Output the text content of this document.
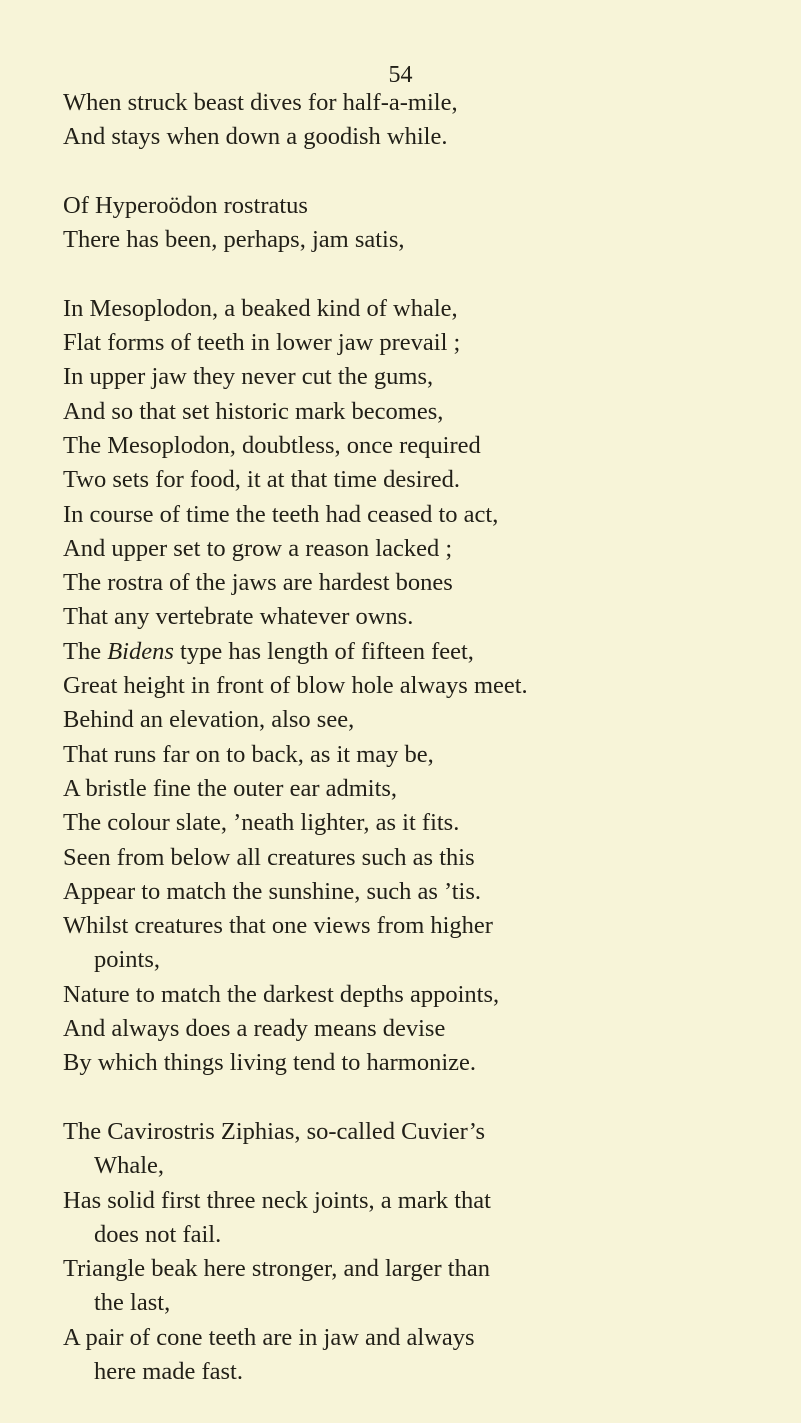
54
When struck beast dives for half-a-mile,
And stays when down a goodish while.
Of Hyperoödon rostratus
There has been, perhaps, jam satis,
In Mesoplodon, a beaked kind of whale,
Flat forms of teeth in lower jaw prevail ;
In upper jaw they never cut the gums,
And so that set historic mark becomes,
The Mesoplodon, doubtless, once required
Two sets for food, it at that time desired.
In course of time the teeth had ceased to act,
And upper set to grow a reason lacked ;
The rostra of the jaws are hardest bones
That any vertebrate whatever owns.
The Bidens type has length of fifteen feet,
Great height in front of blow hole always meet.
Behind an elevation, also see,
That runs far on to back, as it may be,
A bristle fine the outer ear admits,
The colour slate, ’neath lighter, as it fits.
Seen from below all creatures such as this
Appear to match the sunshine, such as ’tis.
Whilst creatures that one views from higher
points,
Nature to match the darkest depths appoints,
And always does a ready means devise
By which things living tend to harmonize.
The Cavirostris Ziphias, so-called Cuvier’s
Whale,
Has solid first three neck joints, a mark that
does not fail.
Triangle beak here stronger, and larger than
the last,
A pair of cone teeth are in jaw and always
here made fast.
